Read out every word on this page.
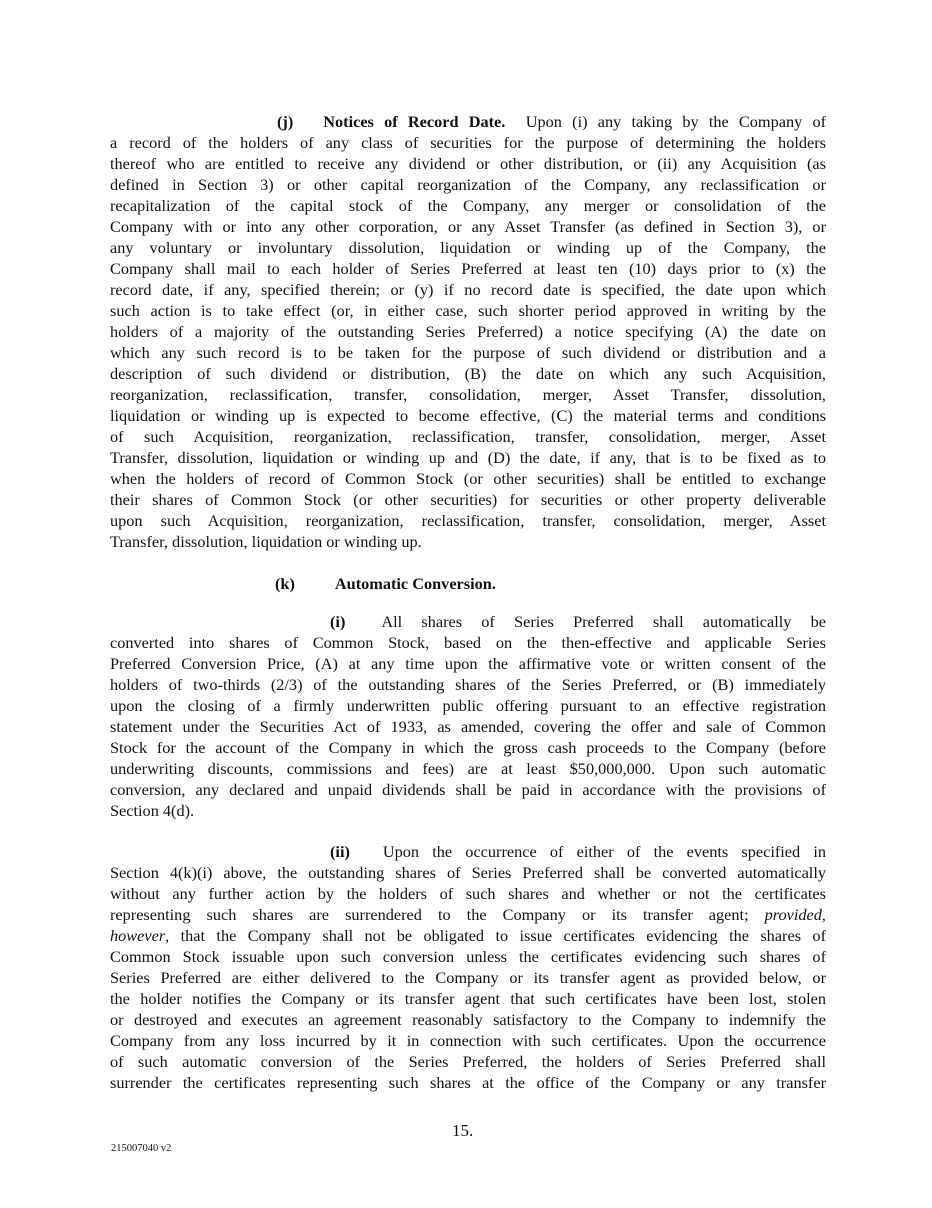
(j) Notices of Record Date. Upon (i) any taking by the Company of
a record of the holders of any class of securities for the purpose of determining the holders
thereof who are entitled to receive any dividend or other distribution, or (ii) any Acquisition (as
defined in Section 3) or other capital reorganization of the Company, any reclassification or
recapitalization of the capital stock of the Company, any merger or consolidation of the
Company with or into any other corporation, or any Asset Transfer (as defined in Section 3), or
any voluntary or involuntary dissolution, liquidation or winding up of the Company, the
Company shall mail to each holder of Series Preferred at least ten (10) days prior to (x) the
record date, if any, specified therein; or (y) if no record date is specified, the date upon which
such action is to take effect (or, in either case, such shorter period approved in writing by the
holders of a majority of the outstanding Series Preferred) a notice specifying (A) the date on
which any such record is to be taken for the purpose of such dividend or distribution and a
description of such dividend or distribution, (B) the date on which any such Acquisition,
reorganization, reclassification, transfer, consolidation, merger, Asset Transfer, dissolution,
liquidation or winding up is expected to become effective, (C) the material terms and conditions
of such Acquisition, reorganization, reclassification, transfer, consolidation, merger, Asset
Transfer, dissolution, liquidation or winding up and (D) the date, if any, that is to be fixed as to
when the holders of record of Common Stock (or other securities) shall be entitled to exchange
their shares of Common Stock (or other securities) for securities or other property deliverable
upon such Acquisition, reorganization, reclassification, transfer, consolidation, merger, Asset
Transfer, dissolution, liquidation or winding up.
(k) Automatic Conversion.
(i) All shares of Series Preferred shall automatically be
converted into shares of Common Stock, based on the then-effective and applicable Series
Preferred Conversion Price, (A) at any time upon the affirmative vote or written consent of the
holders of two-thirds (2/3) of the outstanding shares of the Series Preferred, or (B) immediately
upon the closing of a firmly underwritten public offering pursuant to an effective registration
statement under the Securities Act of 1933, as amended, covering the offer and sale of Common
Stock for the account of the Company in which the gross cash proceeds to the Company (before
underwriting discounts, commissions and fees) are at least $50,000,000. Upon such automatic
conversion, any declared and unpaid dividends shall be paid in accordance with the provisions of
Section 4(d).
(ii) Upon the occurrence of either of the events specified in
Section 4(k)(i) above, the outstanding shares of Series Preferred shall be converted automatically
without any further action by the holders of such shares and whether or not the certificates
representing such shares are surrendered to the Company or its transfer agent; provided,
however, that the Company shall not be obligated to issue certificates evidencing the shares of
Common Stock issuable upon such conversion unless the certificates evidencing such shares of
Series Preferred are either delivered to the Company or its transfer agent as provided below, or
the holder notifies the Company or its transfer agent that such certificates have been lost, stolen
or destroyed and executes an agreement reasonably satisfactory to the Company to indemnify the
Company from any loss incurred by it in connection with such certificates. Upon the occurrence
of such automatic conversion of the Series Preferred, the holders of Series Preferred shall
surrender the certificates representing such shares at the office of the Company or any transfer
15.
215007040 v2
